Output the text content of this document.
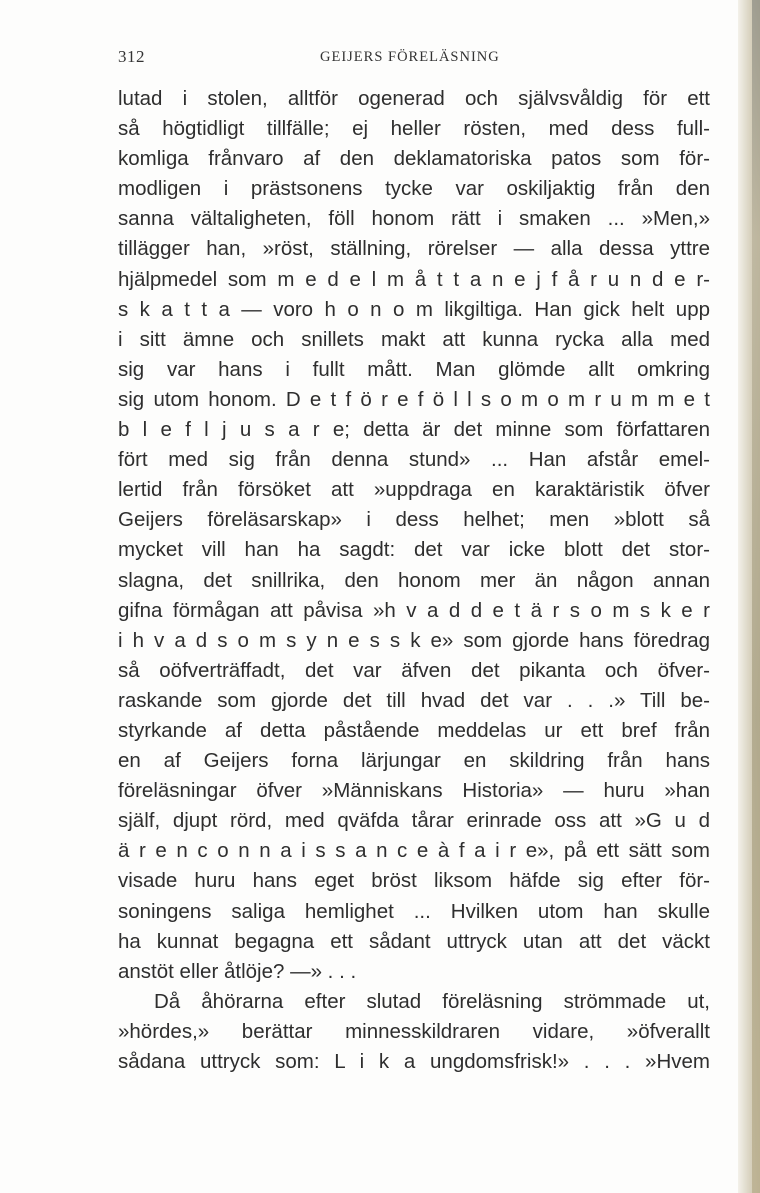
312	GEIJERS FÖRELÄSNING
lutad i stolen, alltför ogenerad och självsvåldig för ett
så högtidligt tillfälle; ej heller rösten, med dess full-
komliga frånvaro af den deklamatoriska patos som för-
modligen i prästsonens tycke var oskiljaktig från den
sanna vältaligheten, föll honom rätt i smaken ... »Men,»
tillägger han, »röst, ställning, rörelser — alla dessa yttre
hjälpmedel som m e d e l m å t t a n e j f å r u n d e r-
s k a t t a — voro h o n o m likgiltiga. Han gick helt upp
i sitt ämne och snillets makt att kunna rycka alla med
sig var hans i fullt mått. Man glömde allt omkring
sig utom honom. D e t f ö r e f ö l l s o m o m r u m m e t
b l e f l j u s a r e; detta är det minne som författaren
fört med sig från denna stund» ... Han afstår emel-
lertid från försöket att »uppdraga en karaktäristik öfver
Geijers föreläsarskap» i dess helhet; men »blott så
mycket vill han ha sagdt: det var icke blott det stor-
slagna, det snillrika, den honom mer än någon annan
gifna förmågan att påvisa »h v a d d e t ä r s o m s k e r
i h v a d s o m s y n e s s k e» som gjorde hans föredrag
så oöfverträffadt, det var äfven det pikanta och öfver-
raskande som gjorde det till hvad det var . . .» Till be-
styrkande af detta påstående meddelas ur ett bref från
en af Geijers forna lärjungar en skildring från hans
föreläsningar öfver »Människans Historia» — huru »han
själf, djupt rörd, med qväfda tårar erinrade oss att »G u d
ä r e n c o n n a i s s a n c e à f a i r e», på ett sätt som
visade huru hans eget bröst liksom häfde sig efter för-
soningens saliga hemlighet ... Hvilken utom han skulle
ha kunnat begagna ett sådant uttryck utan att det väckt
anstöt eller åtlöje? —» . . .
Då åhörarna efter slutad föreläsning strömmade ut,
»hördes,» berättar minnesskildraren vidare, »öfverallt
sådana uttryck som: L i k a ungdomsfrisk!» . . . »Hvem
